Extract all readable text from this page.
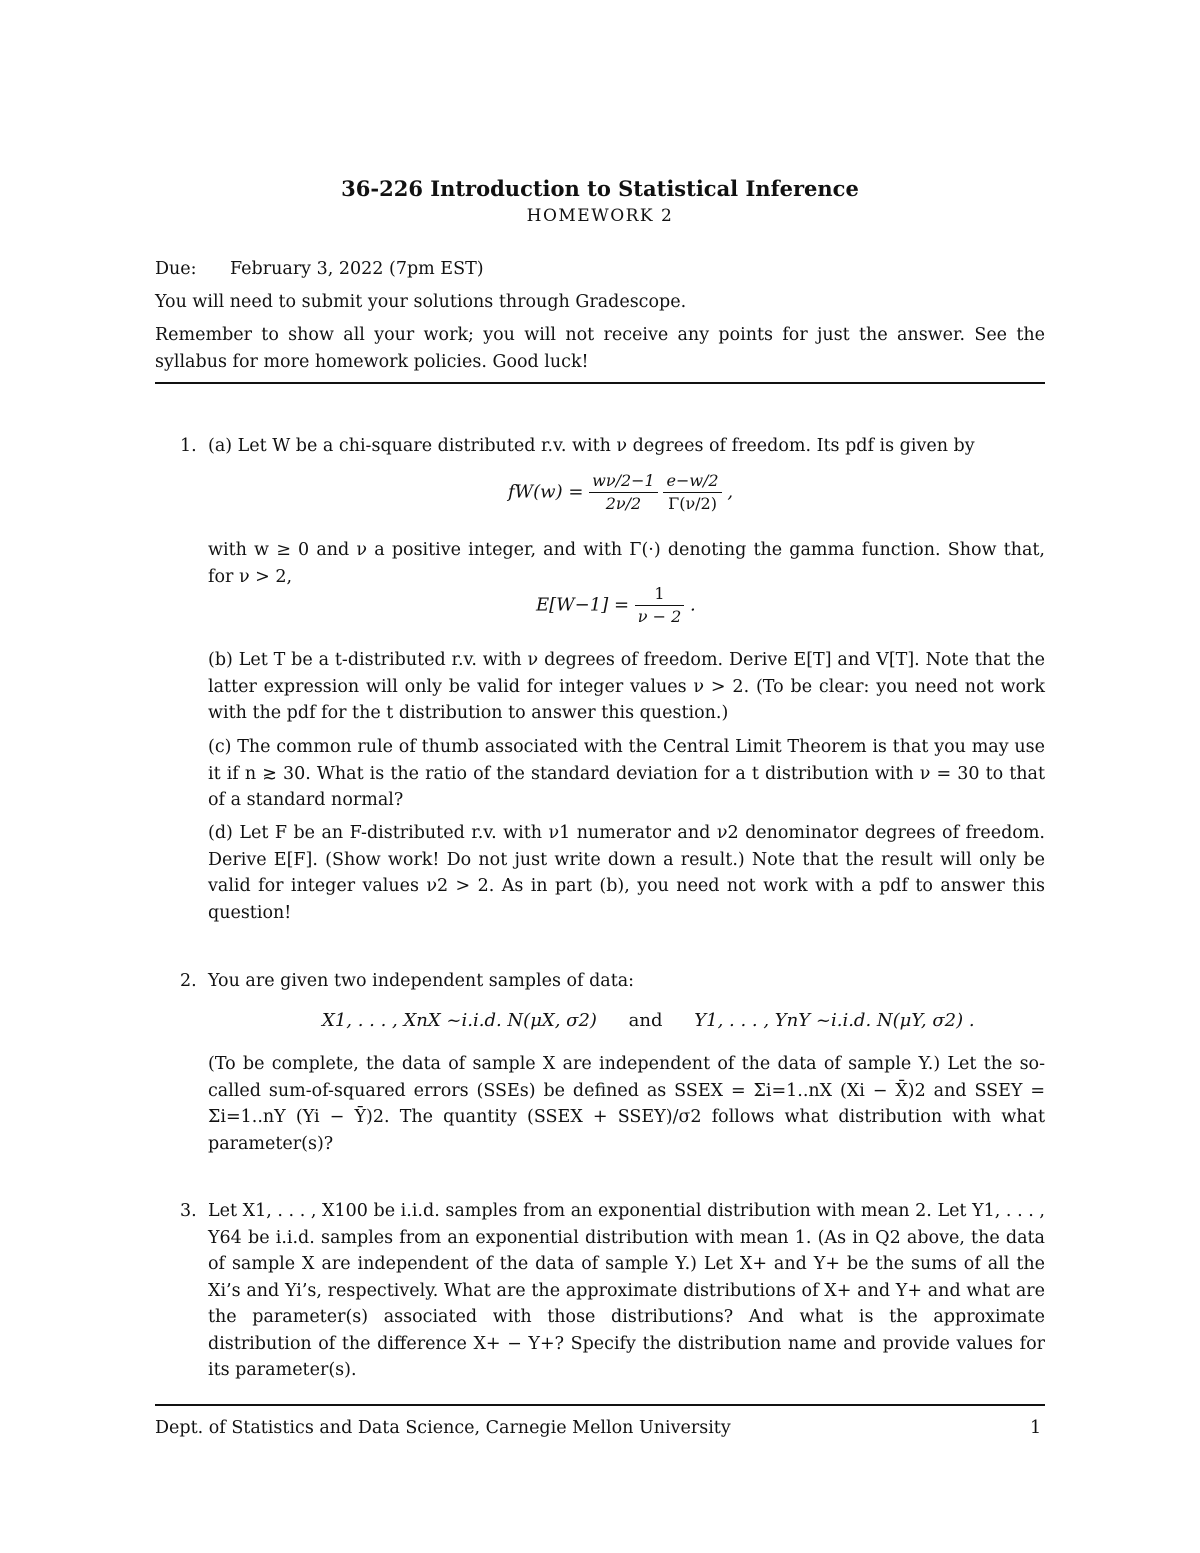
36-226 Introduction to Statistical Inference
HOMEWORK 2
Due: February 3, 2022 (7pm EST)
You will need to submit your solutions through Gradescope.
Remember to show all your work; you will not receive any points for just the answer. See the syllabus for more homework policies. Good luck!
1. (a) Let W be a chi-square distributed r.v. with ν degrees of freedom. Its pdf is given by
$fW(w) = \frac{w\nu/2-1}{2\nu/2}$
$\frac{e-w/2}{\Gamma(\nu/2)}$ ,
with w ≥ 0 and ν a positive integer, and with Γ(·) denoting the gamma function. Show that, for ν > 2,
$E[W-1] = \frac{1}{\nu - 2}$ .
(b) Let T be a t-distributed r.v. with ν degrees of freedom. Derive E[T] and V[T]. Note that the latter expression will only be valid for integer values ν > 2. (To be clear: you need not work with the pdf for the t distribution to answer this question.)
(c) The common rule of thumb associated with the Central Limit Theorem is that you may use it if n ≳ 30. What is the ratio of the standard deviation for a t distribution with ν = 30 to that of a standard normal?
(d) Let F be an F-distributed r.v. with ν1 numerator and ν2 denominator degrees of freedom. Derive E[F]. (Show work! Do not just write down a result.) Note that the result will only be valid for integer values ν2 > 2. As in part (b), you need not work with a pdf to answer this question!
2. You are given two independent samples of data:
X1, . . . , XnX ~i.i.d. N(μX, σ2) and Y1, . . . , YnY ~i.i.d. N(μY, σ2) .
(To be complete, the data of sample X are independent of the data of sample Y.) Let the so-called sum-of-squared errors (SSEs) be defined as SSEX = Σi=1..nX (Xi − X̄)2 and SSEY = Σi=1..nY (Yi − Ȳ)2. The quantity (SSEX + SSEY)/σ2 follows what distribution with what parameter(s)?
3. Let X1, . . . , X100 be i.i.d. samples from an exponential distribution with mean 2. Let Y1, . . . , Y64 be i.i.d. samples from an exponential distribution with mean 1. (As in Q2 above, the data of sample X are independent of the data of sample Y.) Let X+ and Y+ be the sums of all the Xi’s and Yi’s, respectively. What are the approximate distributions of X+ and Y+ and what are the parameter(s) associated with those distributions? And what is the approximate distribution of the difference X+ − Y+? Specify the distribution name and provide values for its parameter(s).
Dept. of Statistics and Data Science, Carnegie Mellon University	1
